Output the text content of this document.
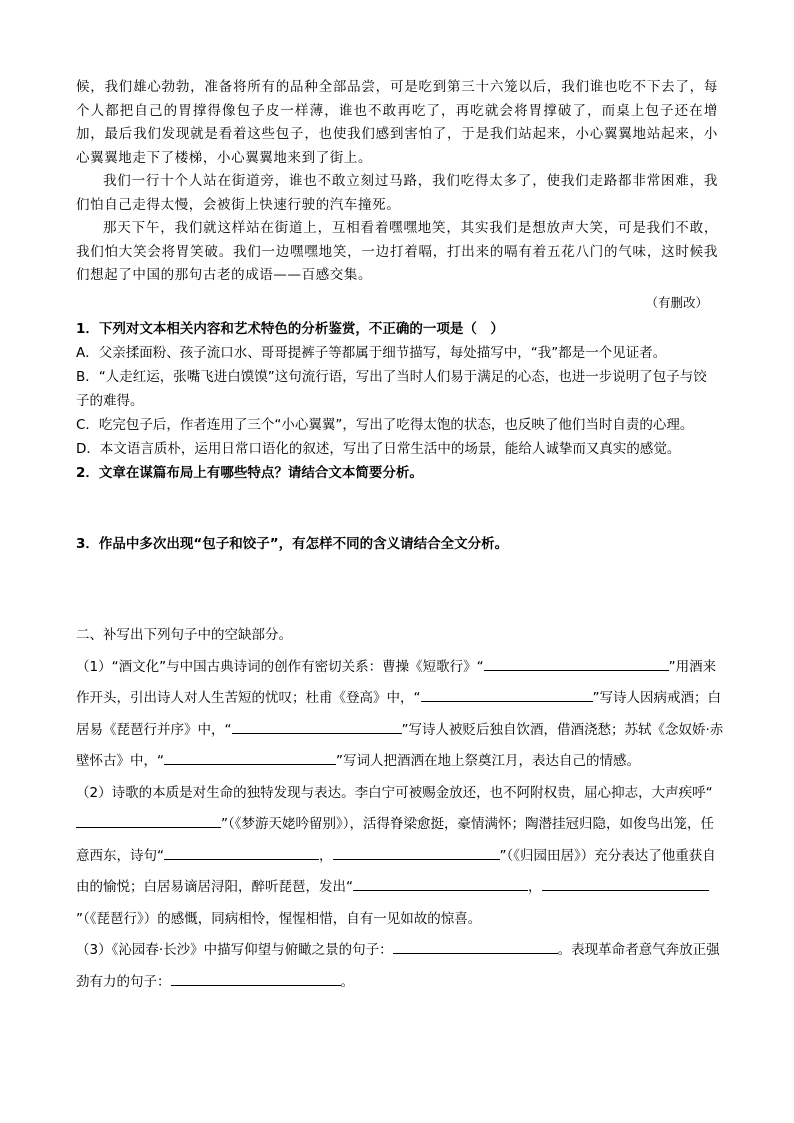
候，我们雄心勃勃，准备将所有的品种全部品尝，可是吃到第三十六笼以后，我们谁也吃不下去了，每个人都把自己的胃撑得像包子皮一样薄，谁也不敢再吃了，再吃就会将胃撑破了，而桌上包子还在增加，最后我们发现就是看着这些包子，也使我们感到害怕了，于是我们站起来，小心翼翼地站起来，小心翼翼地走下了楼梯，小心翼翼地来到了街上。

我们一行十个人站在街道旁，谁也不敢立刻过马路，我们吃得太多了，使我们走路都非常困难，我们怕自己走得太慢，会被街上快速行驶的汽车撞死。

那天下午，我们就这样站在街道上，互相看着嘿嘿地笑，其实我们是想放声大笑，可是我们不敢，我们怕大笑会将胃笑破。我们一边嘿嘿地笑，一边打着嗝，打出来的嗝有着五花八门的气味，这时候我们想起了中国的那句古老的成语——百感交集。

（有删改）
1．下列对文本相关内容和艺术特色的分析鉴赏，不正确的一项是（　）
A．父亲揉面粉、孩子流口水、哥哥提裤子等都属于细节描写，每处描写中，“我”都是一个见证者。
B．“人走红运，张嘴飞进白馍馍”这句流行语，写出了当时人们易于满足的心态，也进一步说明了包子与饺子的难得。
C．吃完包子后，作者连用了三个“小心翼翼”，写出了吃得太饱的状态，也反映了他们当时自责的心理。
D．本文语言质朴，运用日常口语化的叙述，写出了日常生活中的场景，能给人诚挚而又真实的感觉。
2．文章在谋篇布局上有哪些特点？请结合文本简要分析。
3．作品中多次出现“包子和饺子”，有怎样不同的含义请结合全文分析。

二、补写出下列句子中的空缺部分。

（1）“酒文化”与中国古典诗词的创作有密切关系：曹操《短歌行》“	”用酒来作开头，引出诗人对人生苦短的忧叹；杜甫《登高》中，“	”写诗人因病戒酒；白居易《琵琶行并序》中，“	”写诗人被贬后独自饮酒，借酒浇愁；苏轼《念奴娇·赤壁怀古》中，“	”写词人把酒洒在地上祭奠江月，表达自己的情感。

（2）诗歌的本质是对生命的独特发现与表达。李白宁可被赐金放还，也不阿附权贵，屈心抑志，大声疾呼“”（《梦游天姥吟留别》），活得脊梁愈挺，豪情满怀；陶潜挂冠归隐，如俊鸟出笼，任意西东，诗句“	，	”（《归园田居》）充分表达了他重获自由的愉悦；白居易谪居浔阳，醉听琵琶，发出“	，”（《琵琶行》）的感慨，同病相怜，惺惺相惜，自有一见如故的惊喜。

（3）《沁园春·长沙》中描写仰望与俯瞰之景的句子：	。表现革命者意气奔放正强劲有力的句子：	。
